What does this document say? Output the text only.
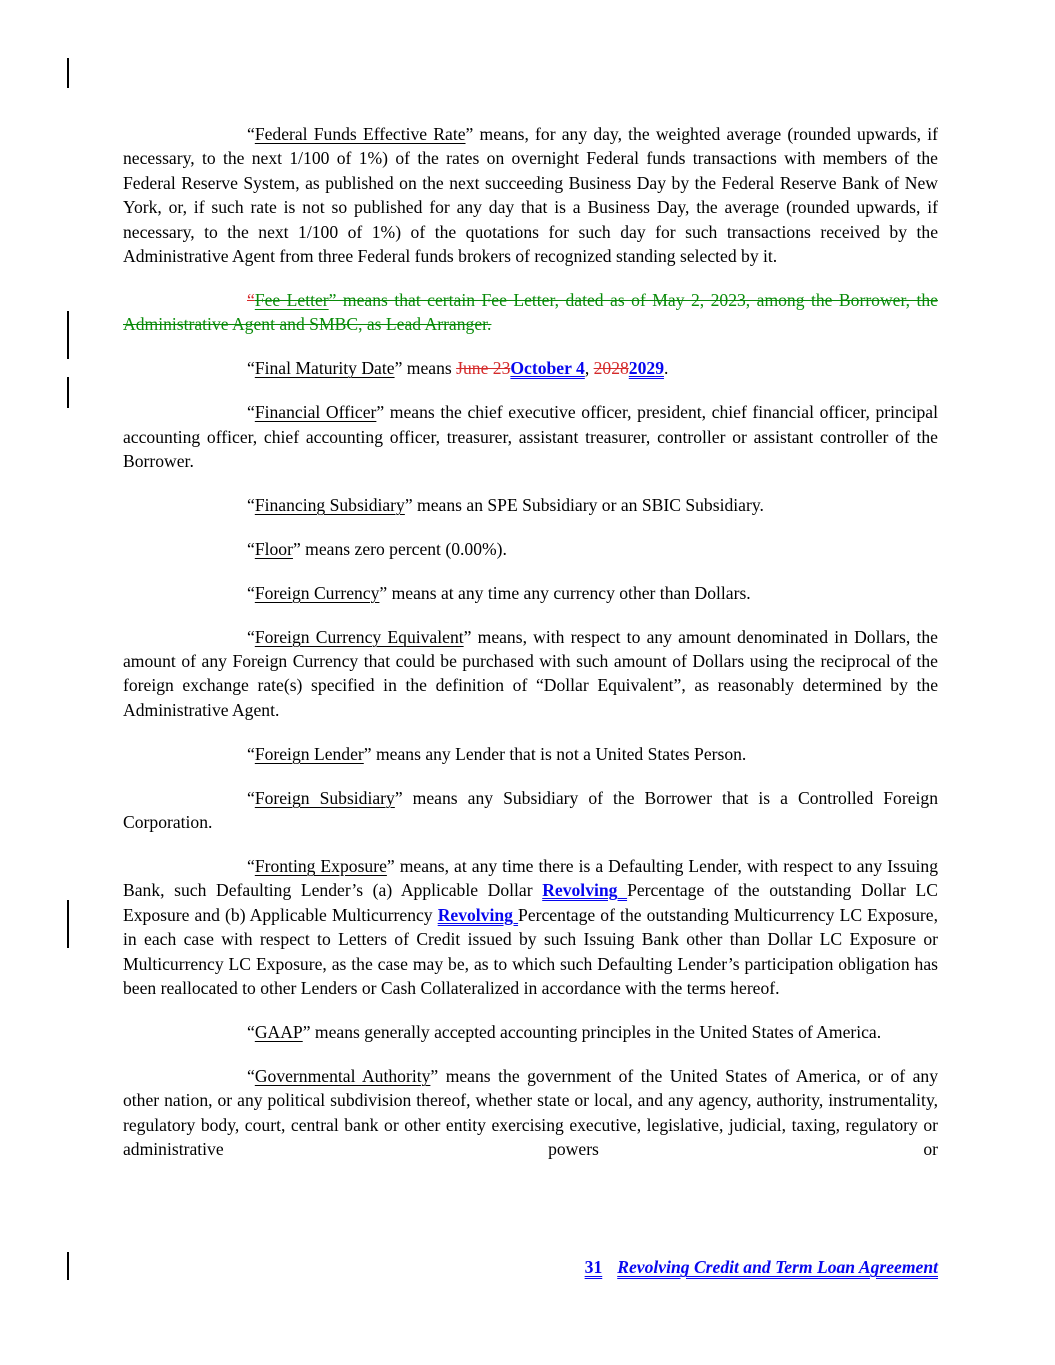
“Federal Funds Effective Rate” means, for any day, the weighted average (rounded upwards, if necessary, to the next 1/100 of 1%) of the rates on overnight Federal funds transactions with members of the Federal Reserve System, as published on the next succeeding Business Day by the Federal Reserve Bank of New York, or, if such rate is not so published for any day that is a Business Day, the average (rounded upwards, if necessary, to the next 1/100 of 1%) of the quotations for such day for such transactions received by the Administrative Agent from three Federal funds brokers of recognized standing selected by it.

“Fee Letter” means that certain Fee Letter, dated as of May 2, 2023, among the Borrower, the Administrative Agent and SMBC, as Lead Arranger.

“Final Maturity Date” means June 23October 4, 20282029.

“Financial Officer” means the chief executive officer, president, chief financial officer, principal accounting officer, chief accounting officer, treasurer, assistant treasurer, controller or assistant controller of the Borrower.

“Financing Subsidiary” means an SPE Subsidiary or an SBIC Subsidiary.

“Floor” means zero percent (0.00%).

“Foreign Currency” means at any time any currency other than Dollars.

“Foreign Currency Equivalent” means, with respect to any amount denominated in Dollars, the amount of any Foreign Currency that could be purchased with such amount of Dollars using the reciprocal of the foreign exchange rate(s) specified in the definition of “Dollar Equivalent”, as reasonably determined by the Administrative Agent.

“Foreign Lender” means any Lender that is not a United States Person.

“Foreign Subsidiary” means any Subsidiary of the Borrower that is a Controlled Foreign Corporation.

“Fronting Exposure” means, at any time there is a Defaulting Lender, with respect to any Issuing Bank, such Defaulting Lender’s (a) Applicable Dollar Revolving Percentage of the outstanding Dollar LC Exposure and (b) Applicable Multicurrency Revolving Percentage of the outstanding Multicurrency LC Exposure, in each case with respect to Letters of Credit issued by such Issuing Bank other than Dollar LC Exposure or Multicurrency LC Exposure, as the case may be, as to which such Defaulting Lender’s participation obligation has been reallocated to other Lenders or Cash Collateralized in accordance with the terms hereof.

“GAAP” means generally accepted accounting principles in the United States of America.

“Governmental Authority” means the government of the United States of America, or of any other nation, or any political subdivision thereof, whether state or local, and any agency, authority, instrumentality, regulatory body, court, central bank or other entity exercising executive, legislative, judicial, taxing, regulatory or administrative powers or

31 Revolving Credit and Term Loan Agreement
